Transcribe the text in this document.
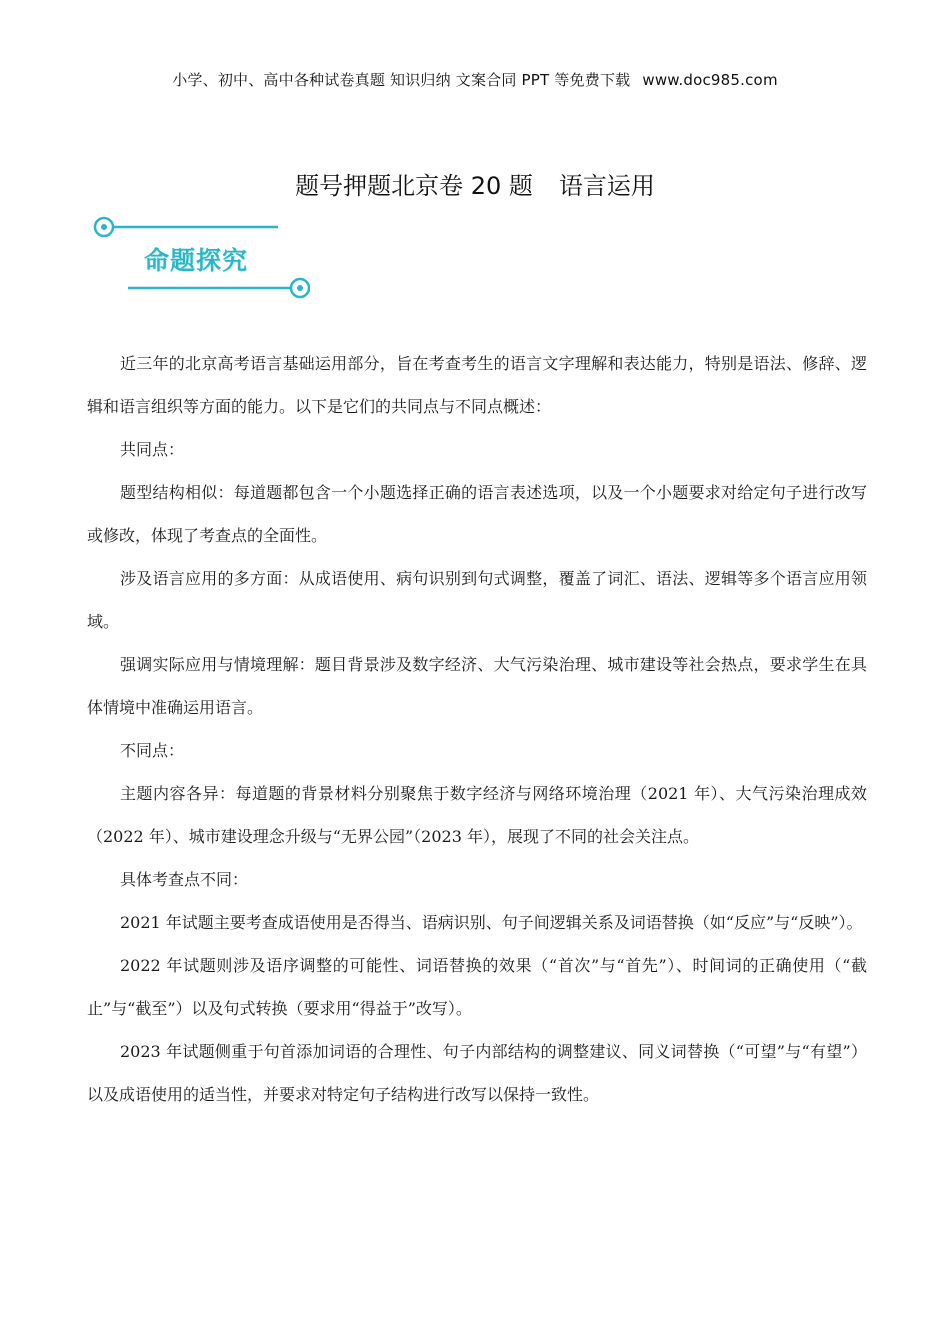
小学、初中、高中各种试卷真题 知识归纳 文案合同 PPT 等免费下载 www.doc985.com
题号押题北京卷 20 题 语言运用
命题探究

近三年的北京高考语言基础运用部分，旨在考查考生的语言文字理解和表达能力，特别是语法、修辞、逻辑和语言组织等方面的能力。以下是它们的共同点与不同点概述：

共同点：

题型结构相似：每道题都包含一个小题选择正确的语言表述选项，以及一个小题要求对给定句子进行改写或修改，体现了考查点的全面性。

涉及语言应用的多方面：从成语使用、病句识别到句式调整，覆盖了词汇、语法、逻辑等多个语言应用领域。

强调实际应用与情境理解：题目背景涉及数字经济、大气污染治理、城市建设等社会热点，要求学生在具体情境中准确运用语言。

不同点：

主题内容各异：每道题的背景材料分别聚焦于数字经济与网络环境治理（2021 年）、大气污染治理成效（2022 年）、城市建设理念升级与“无界公园”（2023 年），展现了不同的社会关注点。

具体考查点不同：

2021 年试题主要考查成语使用是否得当、语病识别、句子间逻辑关系及词语替换（如“反应”与“反映”）。

2022 年试题则涉及语序调整的可能性、词语替换的效果（“首次”与“首先”）、时间词的正确使用（“截止”与“截至”）以及句式转换（要求用“得益于”改写）。

2023 年试题侧重于句首添加词语的合理性、句子内部结构的调整建议、同义词替换（“可望”与“有望”）以及成语使用的适当性，并要求对特定句子结构进行改写以保持一致性。
